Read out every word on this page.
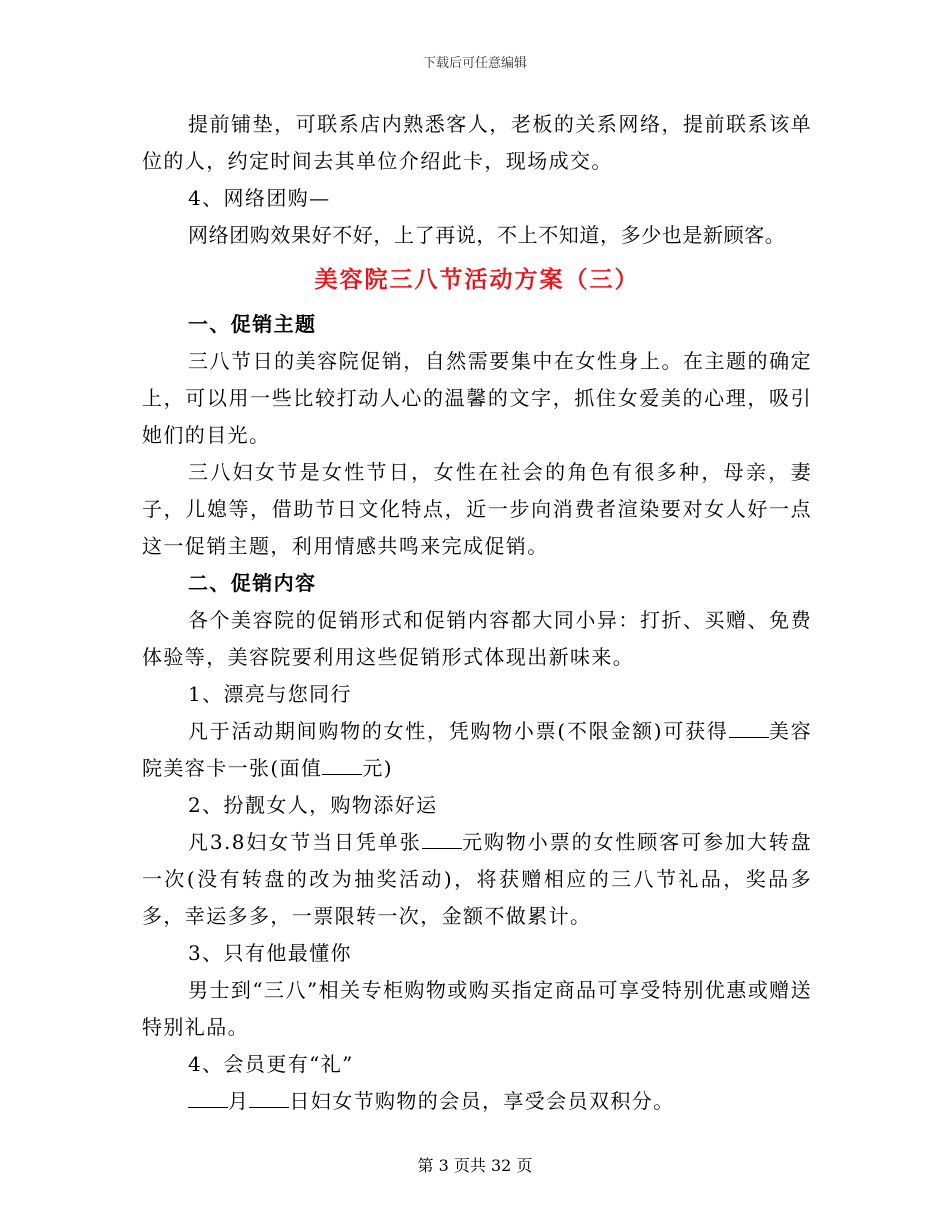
下载后可任意编辑

提前铺垫，可联系店内熟悉客人，老板的关系网络，提前联系该单位的人，约定时间去其单位介绍此卡，现场成交。

4、网络团购—

网络团购效果好不好，上了再说，不上不知道，多少也是新顾客。

美容院三八节活动方案（三）

一、促销主题

三八节日的美容院促销，自然需要集中在女性身上。在主题的确定上，可以用一些比较打动人心的温馨的文字，抓住女爱美的心理，吸引她们的目光。

三八妇女节是女性节日，女性在社会的角色有很多种，母亲，妻子，儿媳等，借助节日文化特点，近一步向消费者渲染要对女人好一点这一促销主题，利用情感共鸣来完成促销。

二、促销内容

各个美容院的促销形式和促销内容都大同小异：打折、买赠、免费体验等，美容院要利用这些促销形式体现出新味来。

1、漂亮与您同行

凡于活动期间购物的女性，凭购物小票(不限金额)可获得 美容院美容卡一张(面值 元)

2、扮靓女人，购物添好运

凡3.8妇女节当日凭单张 元购物小票的女性顾客可参加大转盘一次(没有转盘的改为抽奖活动)，将获赠相应的三八节礼品，奖品多多，幸运多多，一票限转一次，金额不做累计。

3、只有他最懂你

男士到“三八”相关专柜购物或购买指定商品可享受特别优惠或赠送特别礼品。

4、会员更有“礼”

月 日妇女节购物的会员，享受会员双积分。

第 3 页共 32 页
